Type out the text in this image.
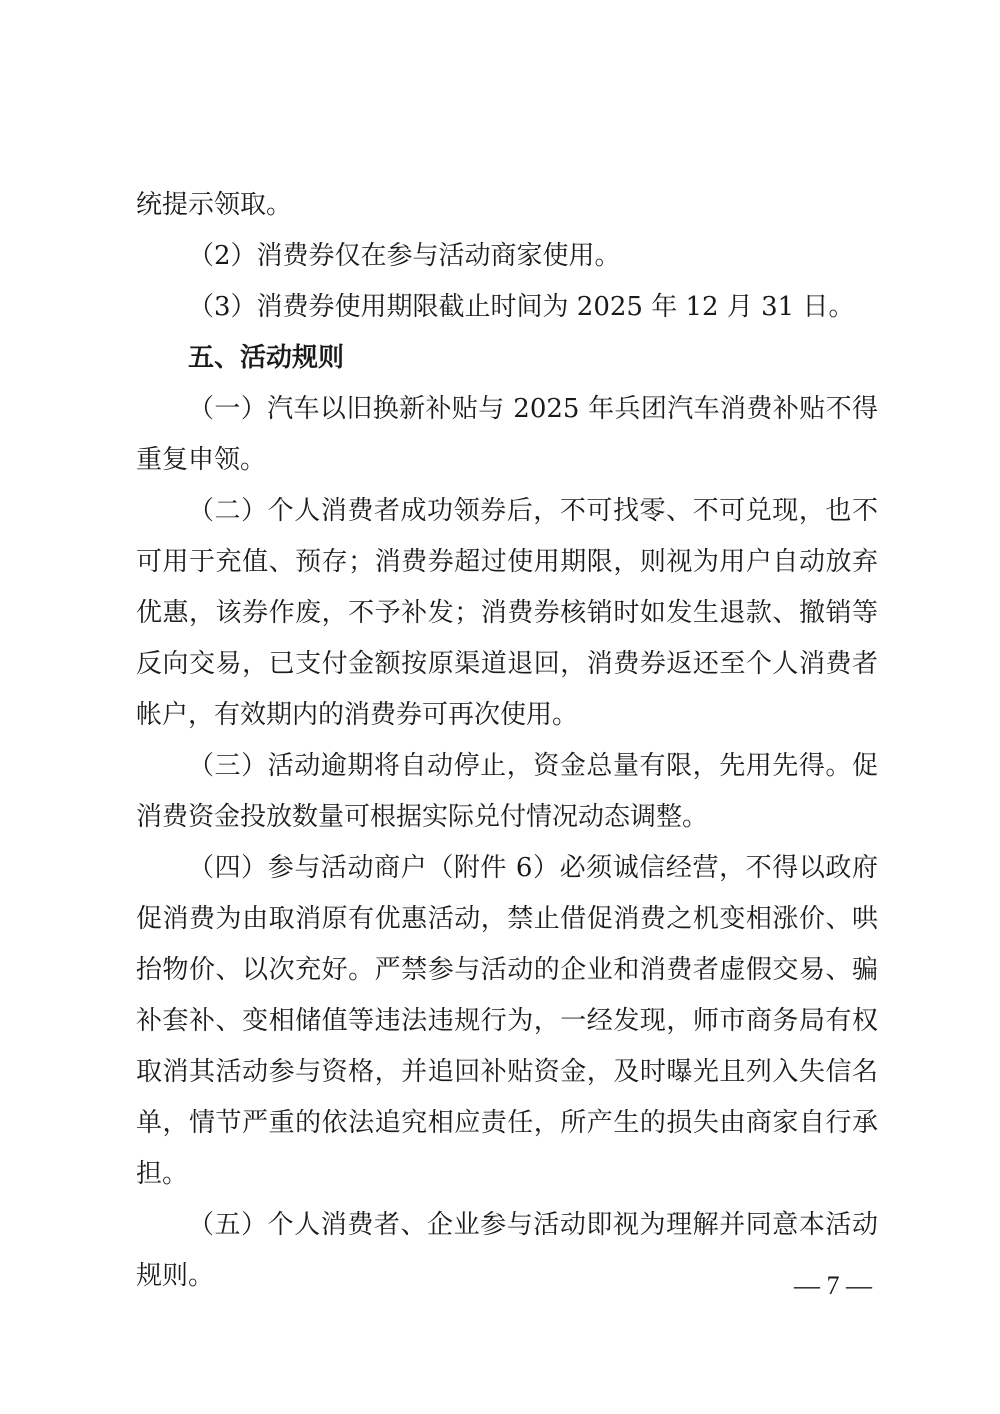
统提示领取。
（2）消费券仅在参与活动商家使用。
（3）消费券使用期限截止时间为 2025 年 12 月 31 日。
五、活动规则
（一）汽车以旧换新补贴与 2025 年兵团汽车消费补贴不得
重复申领。
（二）个人消费者成功领券后，不可找零、不可兑现，也不
可用于充值、预存；消费券超过使用期限，则视为用户自动放弃
优惠，该券作废，不予补发；消费券核销时如发生退款、撤销等
反向交易，已支付金额按原渠道退回，消费券返还至个人消费者
帐户，有效期内的消费券可再次使用。
（三）活动逾期将自动停止，资金总量有限，先用先得。促
消费资金投放数量可根据实际兑付情况动态调整。
（四）参与活动商户（附件 6）必须诚信经营，不得以政府
促消费为由取消原有优惠活动，禁止借促消费之机变相涨价、哄
抬物价、以次充好。严禁参与活动的企业和消费者虚假交易、骗
补套补、变相储值等违法违规行为，一经发现，师市商务局有权
取消其活动参与资格，并追回补贴资金，及时曝光且列入失信名
单，情节严重的依法追究相应责任，所产生的损失由商家自行承
担。
（五）个人消费者、企业参与活动即视为理解并同意本活动
规则。	— 7 —
